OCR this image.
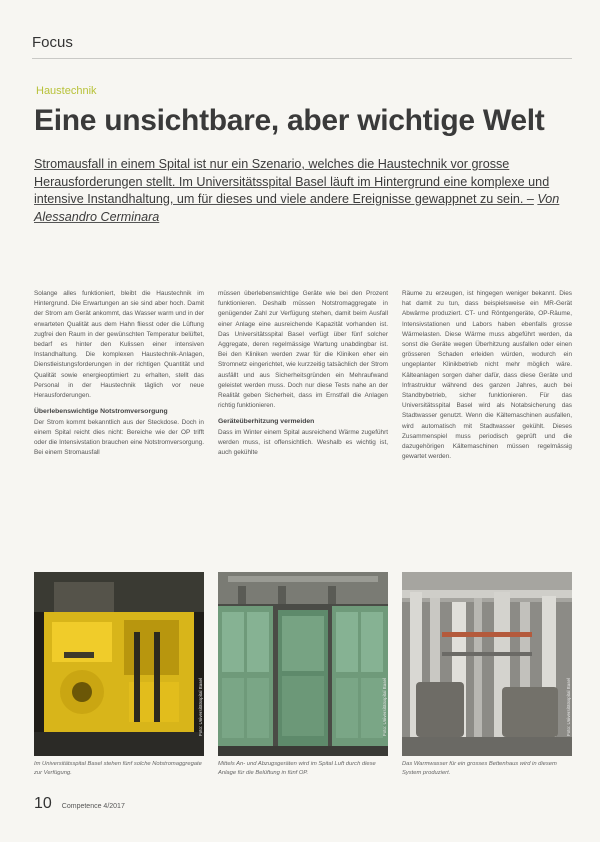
Focus
Haustechnik
Eine unsichtbare, aber wichtige Welt
Stromausfall in einem Spital ist nur ein Szenario, welches die Haustechnik vor grosse Herausforderungen stellt. Im Universitätsspital Basel läuft im Hintergrund eine komplexe und intensive Instandhaltung, um für dieses und viele andere Ereignisse gewappnet zu sein. – Von Alessandro Cerminara

Solange alles funktioniert, bleibt die Haustechnik im Hintergrund. Die Erwartungen an sie sind aber hoch. Damit der Strom am Gerät ankommt, das Wasser warm und in der erwarteten Qualität aus dem Hahn fliesst oder die Lüftung zugfrei den Raum in der gewünschten Temperatur belüftet, bedarf es hinter den Kulissen einer intensiven Instandhaltung. Die komplexen Haustechnik-Anlagen, Dienstleistungsforderungen in der richtigen Quantität und Qualität sowie energieoptimiert zu erhalten, stellt das Personal in der Haustechnik täglich vor neue Herausforderungen.

Überlebenswichtige Notstromversorgung

Der Strom kommt bekanntlich aus der Steckdose. Doch in einem Spital reicht dies nicht: Bereiche wie der OP trifft oder die Intensivstation brauchen eine Notstromversorgung. Bei einem Stromausfall

müssen überlebenswichtige Geräte wie bei den Prozent funktionieren. Deshalb müssen Notstromaggregate in genügender Zahl zur Verfügung stehen, damit beim Ausfall einer Anlage eine ausreichende Kapazität vorhanden ist. Das Universitätsspital Basel verfügt über fünf solcher Aggregate, deren regelmässige Wartung unabdingbar ist. Bei den Kliniken werden zwar für die Kliniken eher ein Stromnetz eingerichtet, wie kurzzeitig tatsächlich der Strom ausfällt und aus Sicherheitsgründen ein Mehraufwand geleistet werden muss. Doch nur diese Tests nahe an der Realität geben Sicherheit, dass im Ernstfall die Anlagen richtig funktionieren.

Geräteüberhitzung vermeiden

Dass im Winter einem Spital ausreichend Wärme zugeführt werden muss, ist offensichtlich. Weshalb es wichtig ist, auch gekühlte

Räume zu erzeugen, ist hingegen weniger bekannt. Dies hat damit zu tun, dass beispielsweise ein MR-Gerät Abwärme produziert. CT- und Röntgengeräte, OP-Räume, Intensivstationen und Labors haben ebenfalls grosse Wärmelasten. Diese Wärme muss abgeführt werden, da sonst die Geräte wegen Überhitzung ausfallen oder einen grösseren Schaden erleiden würden, wodurch ein ungeplanter Klinikbetrieb nicht mehr möglich wäre. Kälteanlagen sorgen daher dafür, dass diese Geräte und Infrastruktur während des ganzen Jahres, auch bei Standbybetrieb, sicher funktionieren. Für das Universitätsspital Basel wird als Notabsicherung das Stadtwasser genutzt. Wenn die Kältemaschinen ausfallen, wird automatisch mit Stadtwasser gekühlt. Dieses Zusammenspiel muss periodisch geprüft und die dazugehörigen Kältemaschinen müssen regelmässig gewartet werden.

Foto: Universitätsspital Basel	Foto: Universitätsspital Basel	Foto: Universitätsspital Basel
Im Universitätsspital Basel stehen fünf solche Notstromaggregate zur Verfügung.
Mittels An- und Abzugsgeräten wird im Spital Luft durch diese Anlage für die Belüftung in fünf OP.
Das Warmwasser für ein grosses Bettenhaus wird in diesem System produziert.
10 Competence 4/2017
